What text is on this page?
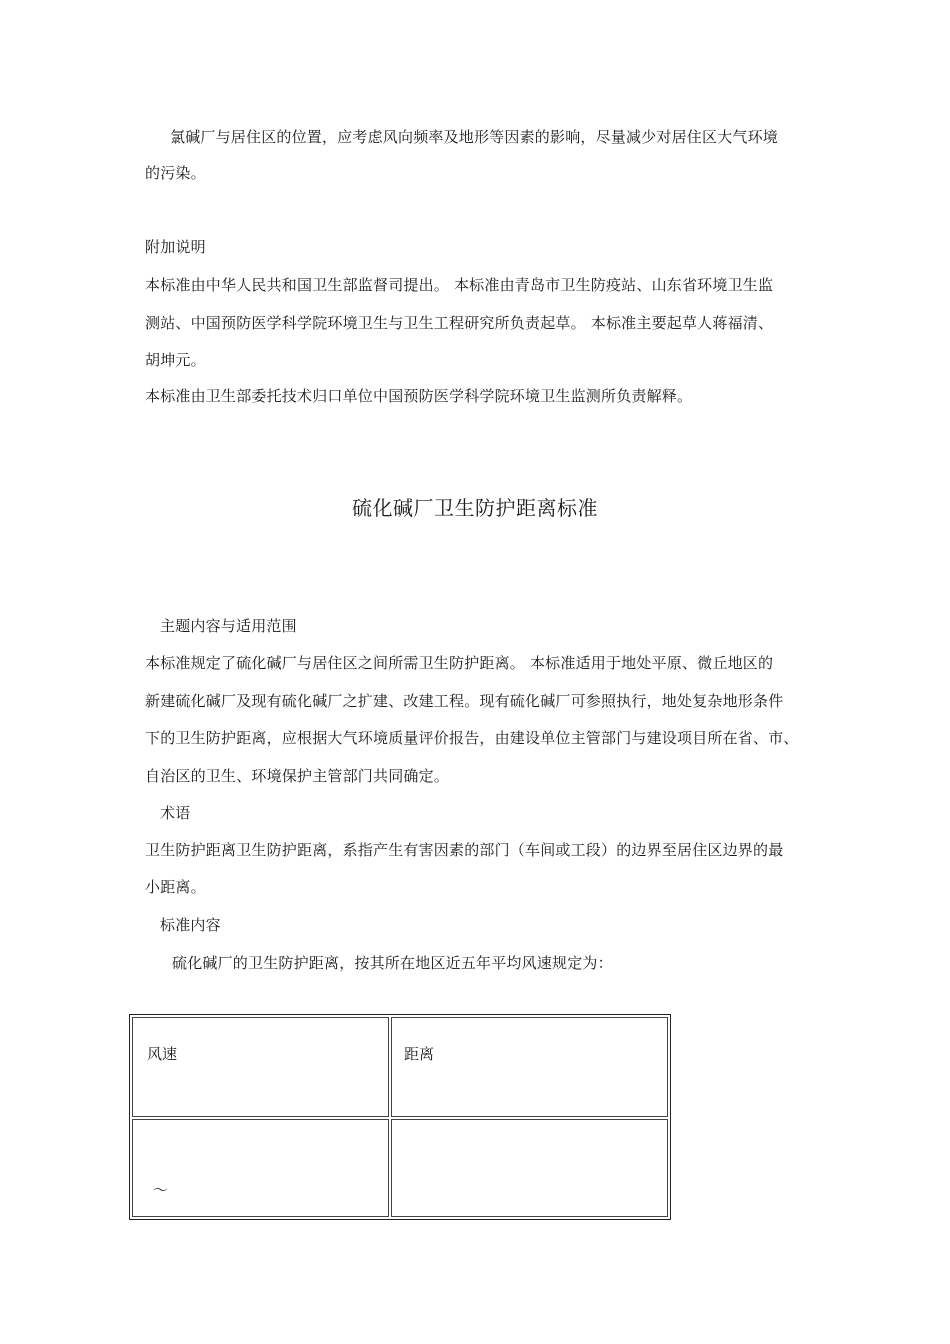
氯碱厂与居住区的位置，应考虑风向频率及地形等因素的影响，尽量减少对居住区大气环境
的污染。
附加说明
本标准由中华人民共和国卫生部监督司提出。 本标准由青岛市卫生防疫站、山东省环境卫生监
测站、中国预防医学科学院环境卫生与卫生工程研究所负责起草。 本标准主要起草人蒋福清、
胡坤元。
本标准由卫生部委托技术归口单位中国预防医学科学院环境卫生监测所负责解释。
硫化碱厂卫生防护距离标准
主题内容与适用范围
本标准规定了硫化碱厂与居住区之间所需卫生防护距离。 本标准适用于地处平原、微丘地区的
新建硫化碱厂及现有硫化碱厂之扩建、改建工程。现有硫化碱厂可参照执行，地处复杂地形条件
下的卫生防护距离，应根据大气环境质量评价报告，由建设单位主管部门与建设项目所在省、市、
自治区的卫生、环境保护主管部门共同确定。
术语
卫生防护距离卫生防护距离，系指产生有害因素的部门（车间或工段）的边界至居住区边界的最
小距离。
标准内容
硫化碱厂的卫生防护距离，按其所在地区近五年平均风速规定为：
风速	距离
～
